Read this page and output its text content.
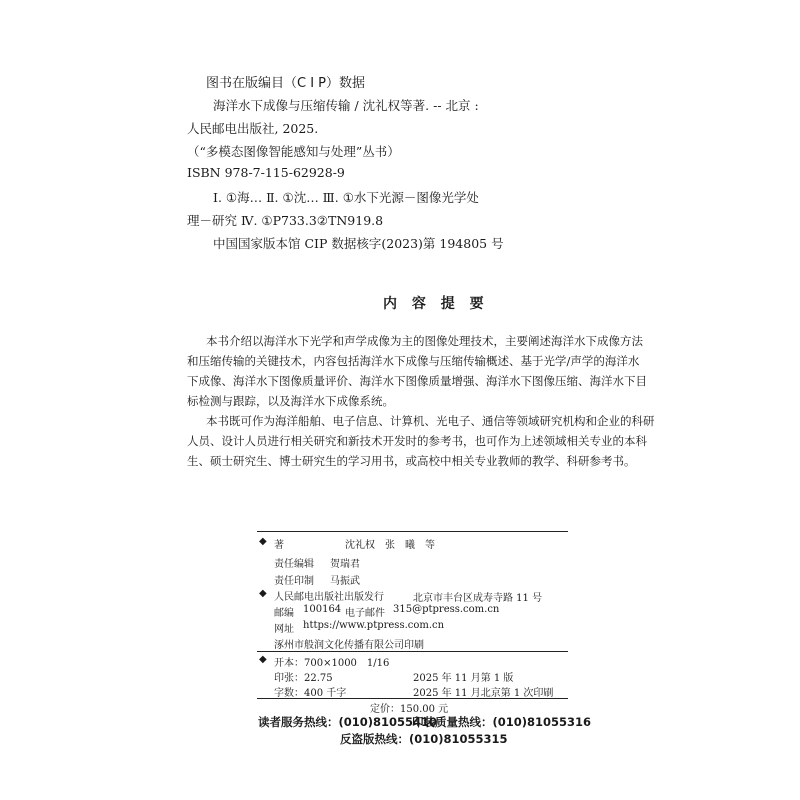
图书在版编目（C I P）数据
海洋水下成像与压缩传输 / 沈礼权等著. -- 北京 :
人民邮电出版社, 2025.
（“多模态图像智能感知与处理”丛书）
ISBN 978-7-115-62928-9
Ⅰ. ①海… Ⅱ. ①沈… Ⅲ. ①水下光源－图像光学处
理－研究 Ⅳ. ①P733.3②TN919.8
中国国家版本馆 CIP 数据核字(2023)第 194805 号
内 容 提 要
本书介绍以海洋水下光学和声学成像为主的图像处理技术，主要阐述海洋水下成像方法
和压缩传输的关键技术，内容包括海洋水下成像与压缩传输概述、基于光学/声学的海洋水
下成像、海洋水下图像质量评价、海洋水下图像质量增强、海洋水下图像压缩、海洋水下目
标检测与跟踪，以及海洋水下成像系统。
本书既可作为海洋船舶、电子信息、计算机、光电子、通信等领域研究机构和企业的科研
人员、设计人员进行相关研究和新技术开发时的参考书，也可作为上述领域相关专业的本科
生、硕士研究生、博士研究生的学习用书，或高校中相关专业教师的教学、科研参考书。
◆ 著	沈礼权　张　曦　等
责任编辑 贺瑞君
责任印制 马振武
◆ 人民邮电出版社出版发行	北京市丰台区成寿寺路 11 号
邮编 100164 电子邮件 315@ptpress.com.cn
网址 https://www.ptpress.com.cn
涿州市般润文化传播有限公司印刷
◆ 开本：700×1000　1/16
印张：22.75	2025 年 11 月第 1 版
字数：400 千字	2025 年 11 月北京第 1 次印刷
定价：150.00 元
读者服务热线：(010)81055410
印装质量热线：(010)81055316
反盗版热线：(010)81055315
